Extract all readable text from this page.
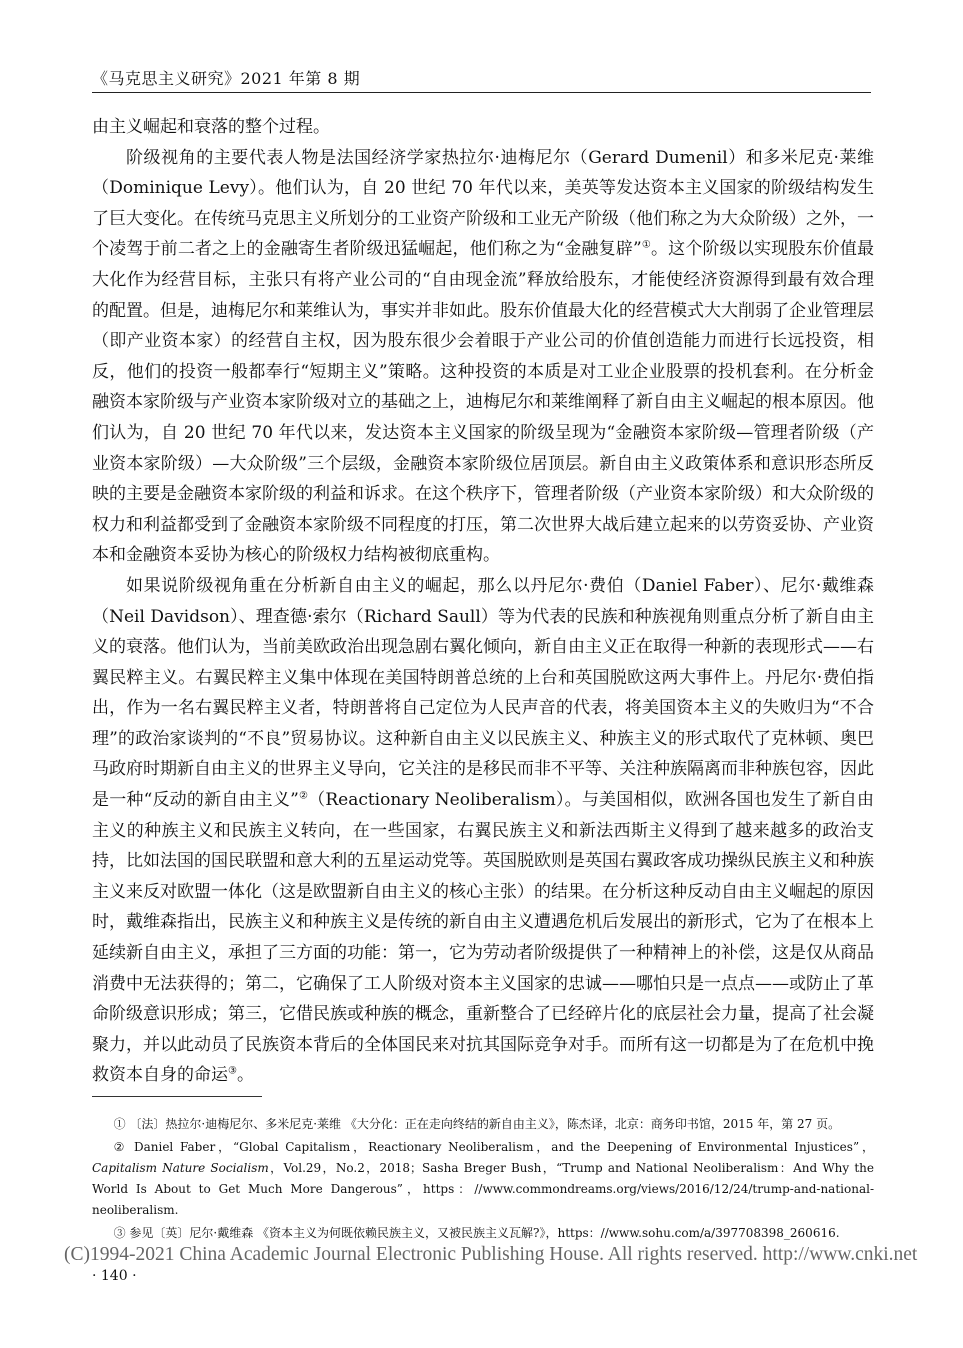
《马克思主义研究》2021 年第 8 期

由主义崛起和衰落的整个过程。

阶级视角的主要代表人物是法国经济学家热拉尔·迪梅尼尔（Gerard Dumenil）和多米尼克·莱维（Dominique Levy）。他们认为，自 20 世纪 70 年代以来，美英等发达资本主义国家的阶级结构发生了巨大变化。在传统马克思主义所划分的工业资产阶级和工业无产阶级（他们称之为大众阶级）之外，一个凌驾于前二者之上的金融寄生者阶级迅猛崛起，他们称之为“金融复辟”①。这个阶级以实现股东价值最大化作为经营目标，主张只有将产业公司的“自由现金流”释放给股东，才能使经济资源得到最有效合理的配置。但是，迪梅尼尔和莱维认为，事实并非如此。股东价值最大化的经营模式大大削弱了企业管理层（即产业资本家）的经营自主权，因为股东很少会着眼于产业公司的价值创造能力而进行长远投资，相反，他们的投资一般都奉行“短期主义”策略。这种投资的本质是对工业企业股票的投机套利。在分析金融资本家阶级与产业资本家阶级对立的基础之上，迪梅尼尔和莱维阐释了新自由主义崛起的根本原因。他们认为，自 20 世纪 70 年代以来，发达资本主义国家的阶级呈现为“金融资本家阶级—管理者阶级（产业资本家阶级）—大众阶级”三个层级，金融资本家阶级位居顶层。新自由主义政策体系和意识形态所反映的主要是金融资本家阶级的利益和诉求。在这个秩序下，管理者阶级（产业资本家阶级）和大众阶级的权力和利益都受到了金融资本家阶级不同程度的打压，第二次世界大战后建立起来的以劳资妥协、产业资本和金融资本妥协为核心的阶级权力结构被彻底重构。

如果说阶级视角重在分析新自由主义的崛起，那么以丹尼尔·费伯（Daniel Faber）、尼尔·戴维森（Neil Davidson）、理查德·索尔（Richard Saull）等为代表的民族和种族视角则重点分析了新自由主义的衰落。他们认为，当前美欧政治出现急剧右翼化倾向，新自由主义正在取得一种新的表现形式——右翼民粹主义。右翼民粹主义集中体现在美国特朗普总统的上台和英国脱欧这两大事件上。丹尼尔·费伯指出，作为一名右翼民粹主义者，特朗普将自己定位为人民声音的代表，将美国资本主义的失败归为“不合理”的政治家谈判的“不良”贸易协议。这种新自由主义以民族主义、种族主义的形式取代了克林顿、奥巴马政府时期新自由主义的世界主义导向，它关注的是移民而非不平等、关注种族隔离而非种族包容，因此是一种“反动的新自由主义”②（Reactionary Neoliberalism）。与美国相似，欧洲各国也发生了新自由主义的种族主义和民族主义转向，在一些国家，右翼民族主义和新法西斯主义得到了越来越多的政治支持，比如法国的国民联盟和意大利的五星运动党等。英国脱欧则是英国右翼政客成功操纵民族主义和种族主义来反对欧盟一体化（这是欧盟新自由主义的核心主张）的结果。在分析这种反动自由主义崛起的原因时，戴维森指出，民族主义和种族主义是传统的新自由主义遭遇危机后发展出的新形式，它为了在根本上延续新自由主义，承担了三方面的功能：第一，它为劳动者阶级提供了一种精神上的补偿，这是仅从商品消费中无法获得的；第二，它确保了工人阶级对资本主义国家的忠诚——哪怕只是一点点——或防止了革命阶级意识形成；第三，它借民族或种族的概念，重新整合了已经碎片化的底层社会力量，提高了社会凝聚力，并以此动员了民族资本背后的全体国民来对抗其国际竞争对手。而所有这一切都是为了在危机中挽救资本自身的命运③。

① 〔法〕热拉尔·迪梅尼尔、多米尼克·莱维 《大分化：正在走向终结的新自由主义》，陈杰译，北京：商务印书馆，2015 年，第 27 页。

② Daniel Faber，“Global Capitalism，Reactionary Neoliberalism，and the Deepening of Environmental Injustices”，Capitalism Nature Socialism，Vol.29，No.2，2018；Sasha Breger Bush，“Trump and National Neoliberalism：And Why the World Is About to Get Much More Dangerous”，https：//www.commondreams.org/views/2016/12/24/trump-and-national-neoliberalism.

③ 参见〔英〕尼尔·戴维森 《资本主义为何既依赖民族主义，又被民族主义瓦解?》，https：//www.sohu.com/a/397708398_260616.

(C)1994-2021 China Academic Journal Electronic Publishing House. All rights reserved. http://www.cnki.net
· 140 ·
